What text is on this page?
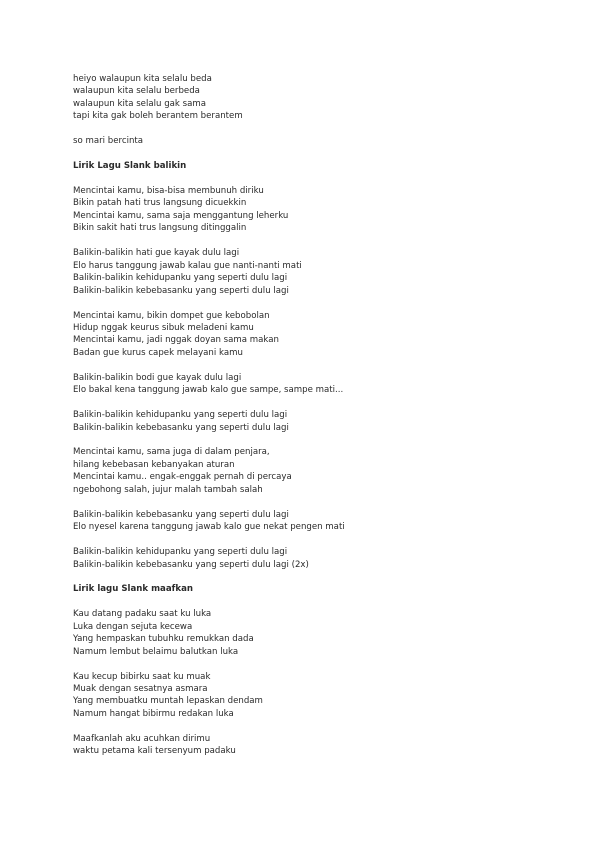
heiyo walaupun kita selalu beda
walaupun kita selalu berbeda
walaupun kita selalu gak sama
tapi kita gak boleh berantem berantem
so mari bercinta
Lirik Lagu Slank balikin
Mencintai kamu, bisa-bisa membunuh diriku
Bikin patah hati trus langsung dicuekkin
Mencintai kamu, sama saja menggantung leherku
Bikin sakit hati trus langsung ditinggalin
Balikin-balikin hati gue kayak dulu lagi
Elo harus tanggung jawab kalau gue nanti-nanti mati
Balikin-balikin kehidupanku yang seperti dulu lagi
Balikin-balikin kebebasanku yang seperti dulu lagi
Mencintai kamu, bikin dompet gue kebobolan
Hidup nggak keurus sibuk meladeni kamu
Mencintai kamu, jadi nggak doyan sama makan
Badan gue kurus capek melayani kamu
Balikin-balikin bodi gue kayak dulu lagi
Elo bakal kena tanggung jawab kalo gue sampe, sampe mati...
Balikin-balikin kehidupanku yang seperti dulu lagi
Balikin-balikin kebebasanku yang seperti dulu lagi
Mencintai kamu, sama juga di dalam penjara,
hilang kebebasan kebanyakan aturan
Mencintai kamu.. engak-enggak pernah di percaya
ngebohong salah, jujur malah tambah salah
Balikin-balikin kebebasanku yang seperti dulu lagi
Elo nyesel karena tanggung jawab kalo gue nekat pengen mati
Balikin-balikin kehidupanku yang seperti dulu lagi
Balikin-balikin kebebasanku yang seperti dulu lagi (2x)
Lirik lagu Slank maafkan
Kau datang padaku saat ku luka
Luka dengan sejuta kecewa
Yang hempaskan tubuhku remukkan dada
Namum lembut belaimu balutkan luka
Kau kecup bibirku saat ku muak
Muak dengan sesatnya asmara
Yang membuatku muntah lepaskan dendam
Namum hangat bibirmu redakan luka
Maafkanlah aku acuhkan dirimu
waktu petama kali tersenyum padaku
